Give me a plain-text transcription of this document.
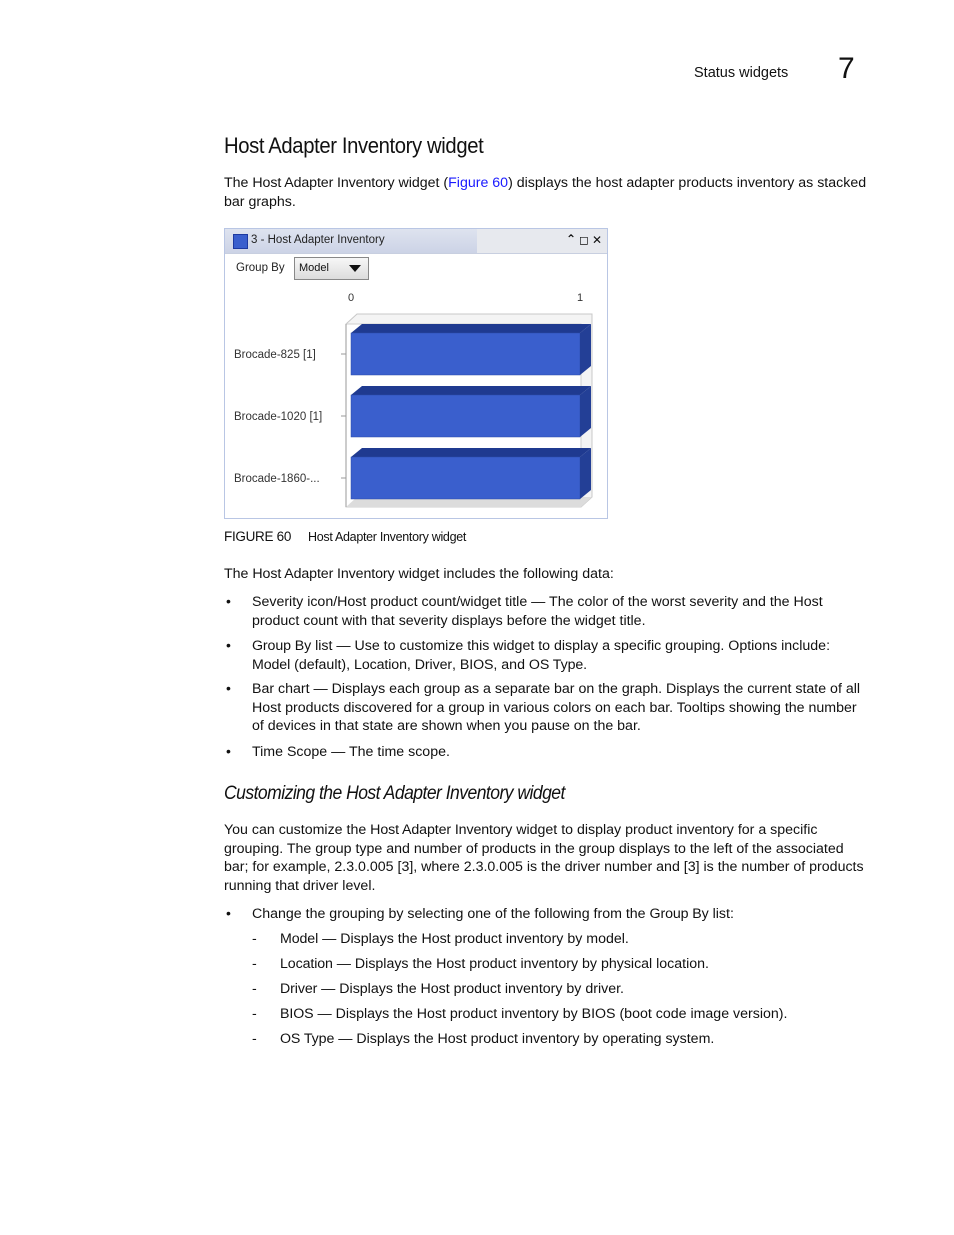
Status widgets 7
Host Adapter Inventory widget

The Host Adapter Inventory widget (Figure 60) displays the host adapter products inventory as stacked bar graphs.

3 - Host Adapter Inventory	⌃ ◻ ✕
Group By Model
0	1
Brocade-825 [1]
Brocade-1020 [1]
Brocade-1860-...
FIGURE 60 Host Adapter Inventory widget

The Host Adapter Inventory widget includes the following data:

• Severity icon/Host product count/widget title — The color of the worst severity and the Host product count with that severity displays before the widget title.
• Group By list — Use to customize this widget to display a specific grouping. Options include: Model (default), Location, Driver, BIOS, and OS Type.
• Bar chart — Displays each group as a separate bar on the graph. Displays the current state of all Host products discovered for a group in various colors on each bar. Tooltips showing the number of devices in that state are shown when you pause on the bar.
• Time Scope — The time scope.
Customizing the Host Adapter Inventory widget

You can customize the Host Adapter Inventory widget to display product inventory for a specific grouping. The group type and number of products in the group displays to the left of the associated bar; for example, 2.3.0.005 [3], where 2.3.0.005 is the driver number and [3] is the number of products running that driver level.

• Change the grouping by selecting one of the following from the Group By list:
- Model — Displays the Host product inventory by model.
- Location — Displays the Host product inventory by physical location.
- Driver — Displays the Host product inventory by driver.
- BIOS — Displays the Host product inventory by BIOS (boot code image version).
- OS Type — Displays the Host product inventory by operating system.
